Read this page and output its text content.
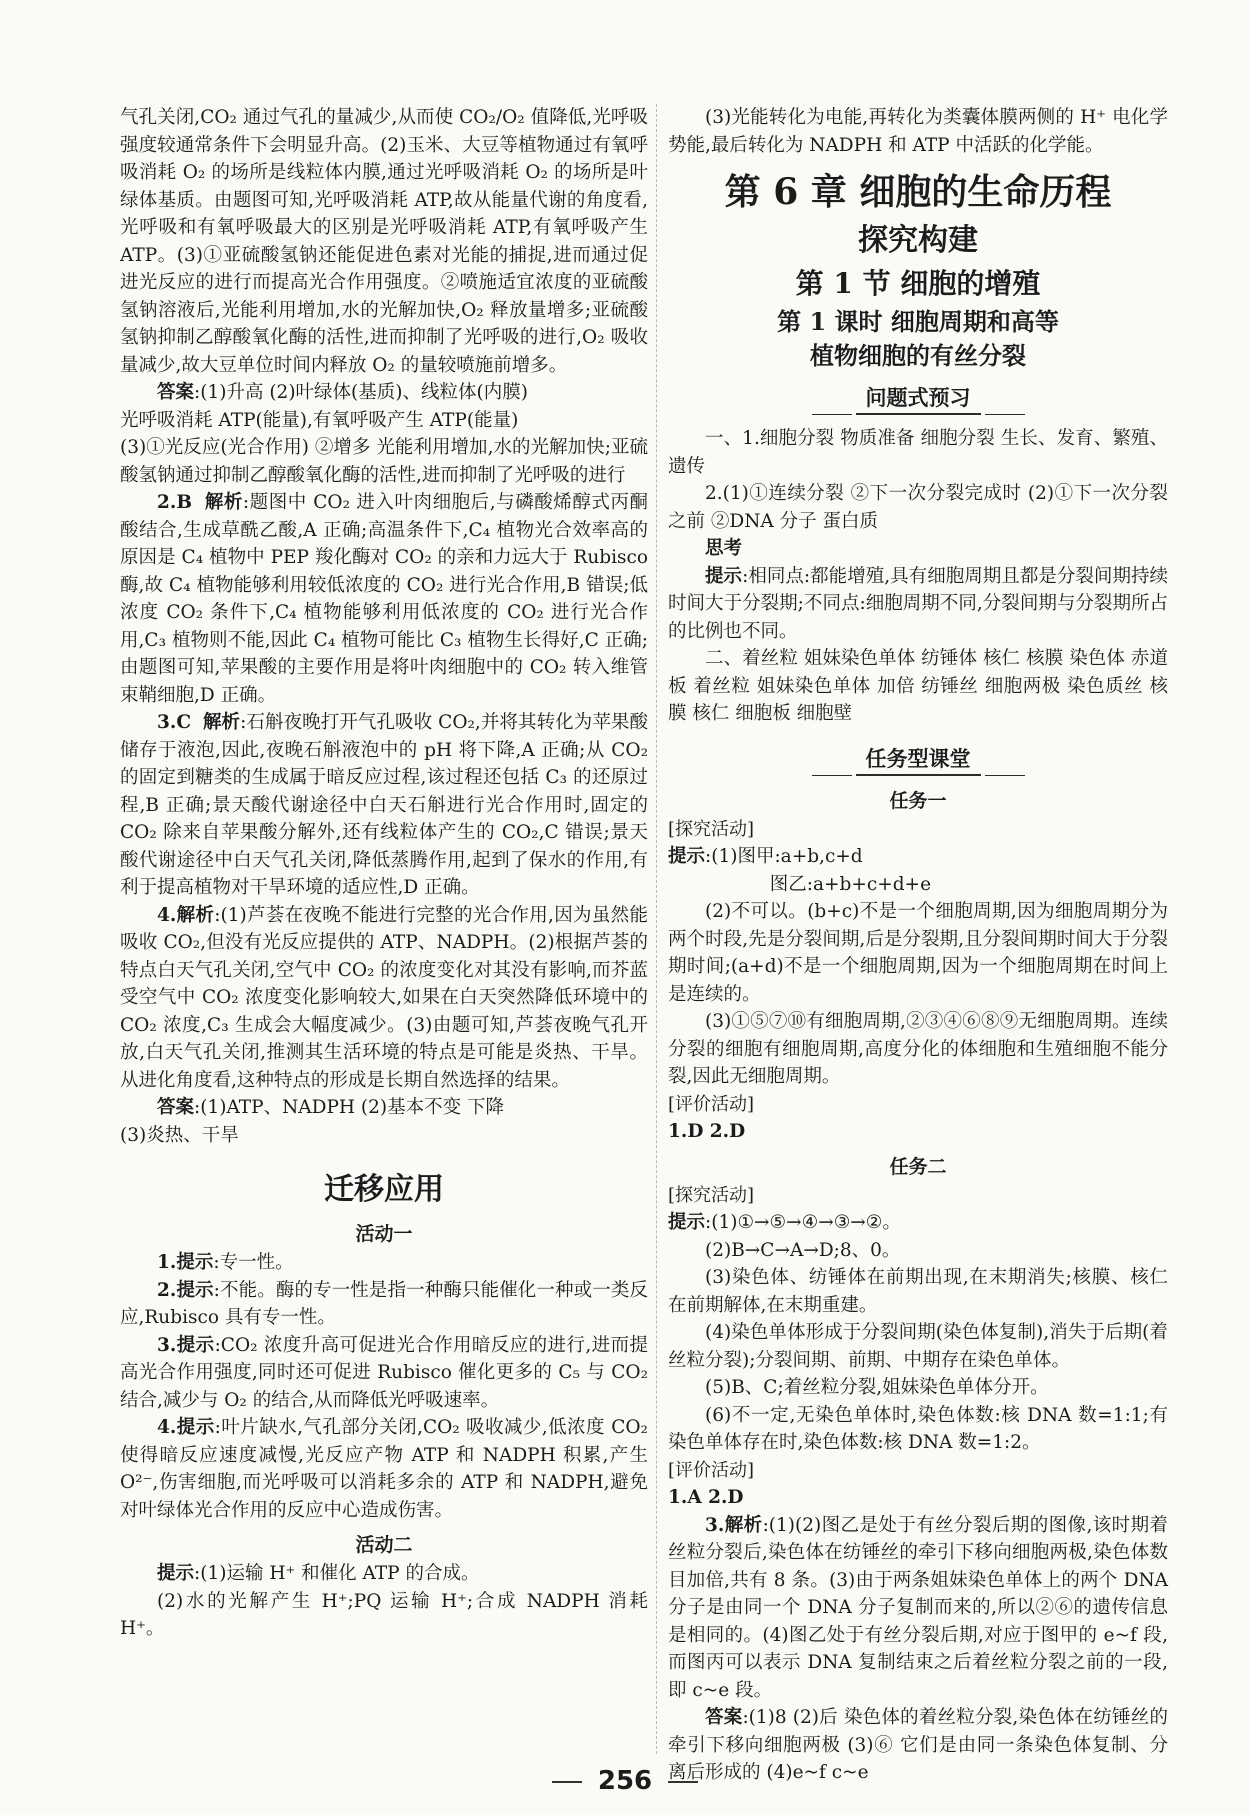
气孔关闭,CO₂ 通过气孔的量减少,从而使 CO₂/O₂ 值降低,光呼吸强度较通常条件下会明显升高。(2)玉米、大豆等植物通过有氧呼吸消耗 O₂ 的场所是线粒体内膜,通过光呼吸消耗 O₂ 的场所是叶绿体基质。由题图可知,光呼吸消耗 ATP,故从能量代谢的角度看,光呼吸和有氧呼吸最大的区别是光呼吸消耗 ATP,有氧呼吸产生 ATP。(3)①亚硫酸氢钠还能促进色素对光能的捕捉,进而通过促进光反应的进行而提高光合作用强度。②喷施适宜浓度的亚硫酸氢钠溶液后,光能利用增加,水的光解加快,O₂ 释放量增多;亚硫酸氢钠抑制乙醇酸氧化酶的活性,进而抑制了光呼吸的进行,O₂ 吸收量减少,故大豆单位时间内释放 O₂ 的量较喷施前增多。

答案:(1)升高 (2)叶绿体(基质)、线粒体(内膜)

光呼吸消耗 ATP(能量),有氧呼吸产生 ATP(能量)

(3)①光反应(光合作用) ②增多 光能利用增加,水的光解加快;亚硫酸氢钠通过抑制乙醇酸氧化酶的活性,进而抑制了光呼吸的进行

2.B 解析:题图中 CO₂ 进入叶肉细胞后,与磷酸烯醇式丙酮酸结合,生成草酰乙酸,A 正确;高温条件下,C₄ 植物光合效率高的原因是 C₄ 植物中 PEP 羧化酶对 CO₂ 的亲和力远大于 Rubisco 酶,故 C₄ 植物能够利用较低浓度的 CO₂ 进行光合作用,B 错误;低浓度 CO₂ 条件下,C₄ 植物能够利用低浓度的 CO₂ 进行光合作用,C₃ 植物则不能,因此 C₄ 植物可能比 C₃ 植物生长得好,C 正确;由题图可知,苹果酸的主要作用是将叶肉细胞中的 CO₂ 转入维管束鞘细胞,D 正确。

3.C 解析:石斛夜晚打开气孔吸收 CO₂,并将其转化为苹果酸储存于液泡,因此,夜晚石斛液泡中的 pH 将下降,A 正确;从 CO₂ 的固定到糖类的生成属于暗反应过程,该过程还包括 C₃ 的还原过程,B 正确;景天酸代谢途径中白天石斛进行光合作用时,固定的 CO₂ 除来自苹果酸分解外,还有线粒体产生的 CO₂,C 错误;景天酸代谢途径中白天气孔关闭,降低蒸腾作用,起到了保水的作用,有利于提高植物对干旱环境的适应性,D 正确。

4.解析:(1)芦荟在夜晚不能进行完整的光合作用,因为虽然能吸收 CO₂,但没有光反应提供的 ATP、NADPH。(2)根据芦荟的特点白天气孔关闭,空气中 CO₂ 的浓度变化对其没有影响,而芥蓝受空气中 CO₂ 浓度变化影响较大,如果在白天突然降低环境中的 CO₂ 浓度,C₃ 生成会大幅度减少。(3)由题可知,芦荟夜晚气孔开放,白天气孔关闭,推测其生活环境的特点是可能是炎热、干旱。从进化角度看,这种特点的形成是长期自然选择的结果。

答案:(1)ATP、NADPH (2)基本不变 下降

(3)炎热、干旱

迁移应用
活动一

1.提示:专一性。

2.提示:不能。酶的专一性是指一种酶只能催化一种或一类反应,Rubisco 具有专一性。

3.提示:CO₂ 浓度升高可促进光合作用暗反应的进行,进而提高光合作用强度,同时还可促进 Rubisco 催化更多的 C₅ 与 CO₂ 结合,减少与 O₂ 的结合,从而降低光呼吸速率。

4.提示:叶片缺水,气孔部分关闭,CO₂ 吸收减少,低浓度 CO₂ 使得暗反应速度减慢,光反应产物 ATP 和 NADPH 积累,产生 O²⁻,伤害细胞,而光呼吸可以消耗多余的 ATP 和 NADPH,避免对叶绿体光合作用的反应中心造成伤害。

活动二

提示:(1)运输 H⁺ 和催化 ATP 的合成。

(2)水的光解产生 H⁺;PQ 运输 H⁺;合成 NADPH 消耗 H⁺。

(3)光能转化为电能,再转化为类囊体膜两侧的 H⁺ 电化学势能,最后转化为 NADPH 和 ATP 中活跃的化学能。

第 6 章 细胞的生命历程
探究构建
第 1 节 细胞的增殖
第 1 课时 细胞周期和高等
植物细胞的有丝分裂
问题式预习

一、1.细胞分裂 物质准备 细胞分裂 生长、发育、繁殖、遗传

2.(1)①连续分裂 ②下一次分裂完成时 (2)①下一次分裂之前 ②DNA 分子 蛋白质

思考

提示:相同点:都能增殖,具有细胞周期且都是分裂间期持续时间大于分裂期;不同点:细胞周期不同,分裂间期与分裂期所占的比例也不同。

二、着丝粒 姐妹染色单体 纺锤体 核仁 核膜 染色体 赤道板 着丝粒 姐妹染色单体 加倍 纺锤丝 细胞两极 染色质丝 核膜 核仁 细胞板 细胞壁

任务型课堂
任务一

[探究活动]

提示:(1)图甲:a+b,c+d

图乙:a+b+c+d+e

(2)不可以。(b+c)不是一个细胞周期,因为细胞周期分为两个时段,先是分裂间期,后是分裂期,且分裂间期时间大于分裂期时间;(a+d)不是一个细胞周期,因为一个细胞周期在时间上是连续的。

(3)①⑤⑦⑩有细胞周期,②③④⑥⑧⑨无细胞周期。连续分裂的细胞有细胞周期,高度分化的体细胞和生殖细胞不能分裂,因此无细胞周期。

[评价活动]

1.D 2.D

任务二

[探究活动]

提示:(1)①→⑤→④→③→②。

(2)B→C→A→D;8、0。

(3)染色体、纺锤体在前期出现,在末期消失;核膜、核仁在前期解体,在末期重建。

(4)染色单体形成于分裂间期(染色体复制),消失于后期(着丝粒分裂);分裂间期、前期、中期存在染色单体。

(5)B、C;着丝粒分裂,姐妹染色单体分开。

(6)不一定,无染色单体时,染色体数:核 DNA 数=1:1;有染色单体存在时,染色体数:核 DNA 数=1:2。

[评价活动]

1.A 2.D

3.解析:(1)(2)图乙是处于有丝分裂后期的图像,该时期着丝粒分裂后,染色体在纺锤丝的牵引下移向细胞两极,染色体数目加倍,共有 8 条。(3)由于两条姐妹染色单体上的两个 DNA 分子是由同一个 DNA 分子复制而来的,所以②⑥的遗传信息是相同的。(4)图乙处于有丝分裂后期,对应于图甲的 e~f 段,而图丙可以表示 DNA 复制结束之后着丝粒分裂之前的一段,即 c~e 段。

答案:(1)8 (2)后 染色体的着丝粒分裂,染色体在纺锤丝的牵引下移向细胞两极 (3)⑥ 它们是由同一条染色体复制、分离后形成的 (4)e~f c~e

256
